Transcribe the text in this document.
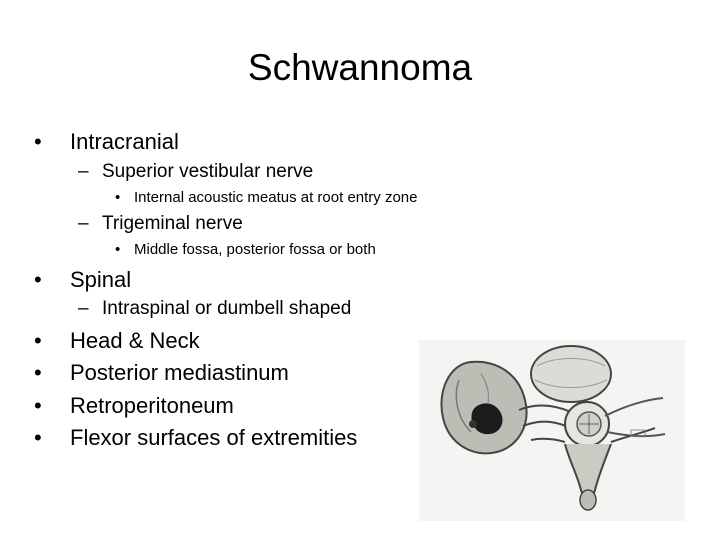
Schwannoma
• Intracranial
– Superior vestibular nerve
• Internal acoustic meatus at root entry zone
– Trigeminal nerve
• Middle fossa, posterior fossa or both
• Spinal
– Intraspinal or dumbell shaped
• Head & Neck
• Posterior mediastinum
• Retroperitoneum
• Flexor surfaces of extremities
